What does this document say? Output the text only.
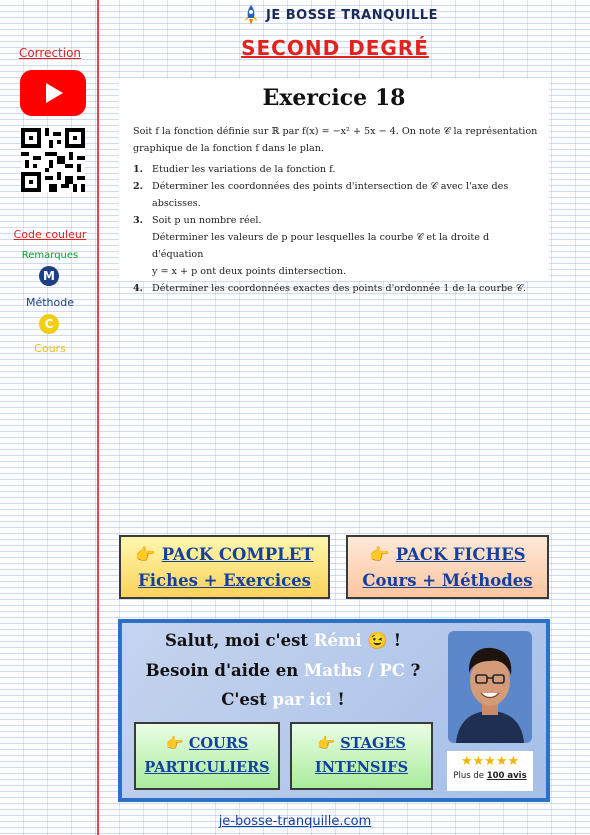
JE BOSSE TRANQUILLE
SECOND DEGRÉ
Correction
Code couleur
Remarques
M
Méthode
C
Cours
Exercice 18
Soit f la fonction définie sur ℝ par f(x) = −x² + 5x − 4. On note 𝒞 la représentation
graphique de la fonction f dans le plan.
1. Etudier les variations de la fonction f.
2. Déterminer les coordonnées des points d'intersection de 𝒞 avec l'axe des abscisses.
3. Soit p un nombre réel.
Déterminer les valeurs de p pour lesquelles la courbe 𝒞 et la droite d d'équation
y = x + p ont deux points dintersection.
4. Déterminer les coordonnées exactes des points d'ordonnée 1 de la courbe 𝒞.
👉 PACK COMPLET
Fiches + Exercices
👉 PACK FICHES
Cours + Méthodes
Salut, moi c'est Rémi 😉 !
Besoin d'aide en Maths / PC ?
C'est par ici !
👉 COURS
PARTICULIERS
👉 STAGES
INTENSIFS	★★★★★
Plus de 100 avis
je-bosse-tranquille.com
